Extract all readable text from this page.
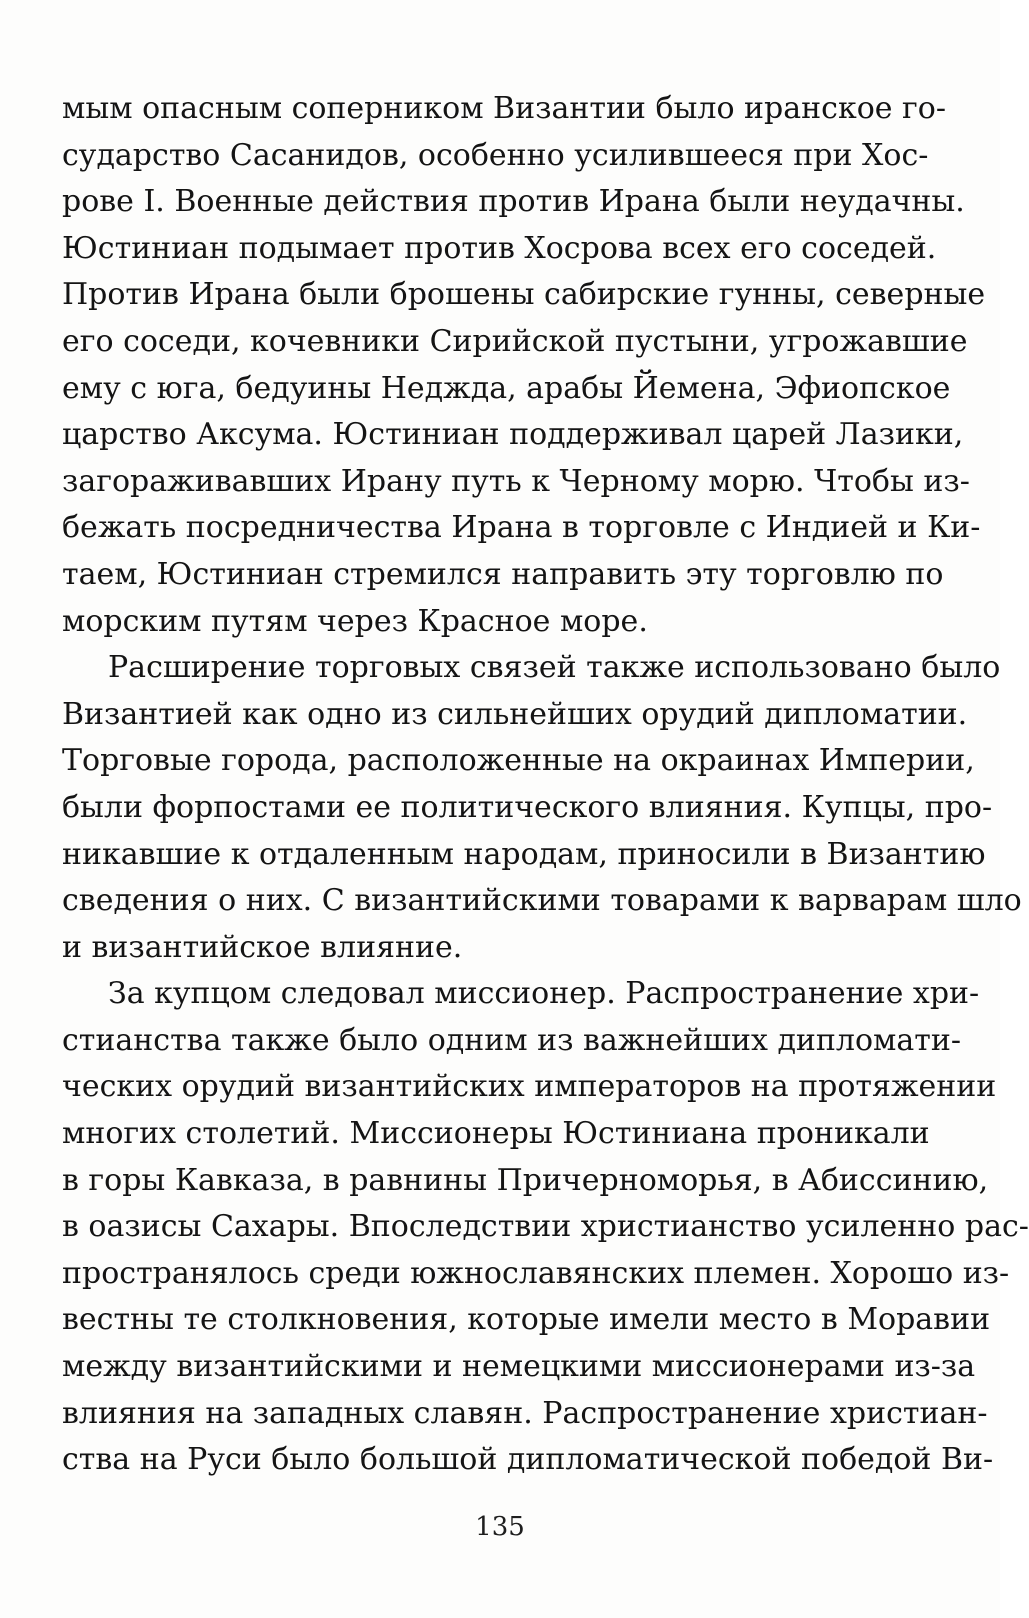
мым опасным соперником Византии было иранское го-
сударство Сасанидов, особенно усилившееся при Хос-
рове I. Военные действия против Ирана были неудачны.
Юстиниан подымает против Хосрова всех его соседей.
Против Ирана были брошены сабирские гунны, северные
его соседи, кочевники Сирийской пустыни, угрожавшие
ему с юга, бедуины Неджда, арабы Йемена, Эфиопское
царство Аксума. Юстиниан поддерживал царей Лазики,
загораживавших Ирану путь к Черному морю. Чтобы из-
бежать посредничества Ирана в торговле с Индией и Ки-
таем, Юстиниан стремился направить эту торговлю по
морским путям через Красное море.
Расширение торговых связей также использовано было
Византией как одно из сильнейших орудий дипломатии.
Торговые города, расположенные на окраинах Империи,
были форпостами ее политического влияния. Купцы, про-
никавшие к отдаленным народам, приносили в Византию
сведения о них. С византийскими товарами к варварам шло
и византийское влияние.
За купцом следовал миссионер. Распространение хри-
стианства также было одним из важнейших дипломати-
ческих орудий византийских императоров на протяжении
многих столетий. Миссионеры Юстиниана проникали
в горы Кавказа, в равнины Причерноморья, в Абиссинию,
в оазисы Сахары. Впоследствии христианство усиленно рас-
пространялось среди южнославянских племен. Хорошо из-
вестны те столкновения, которые имели место в Моравии
между византийскими и немецкими миссионерами из-за
влияния на западных славян. Распространение христиан-
ства на Руси было большой дипломатической победой Ви-
135
